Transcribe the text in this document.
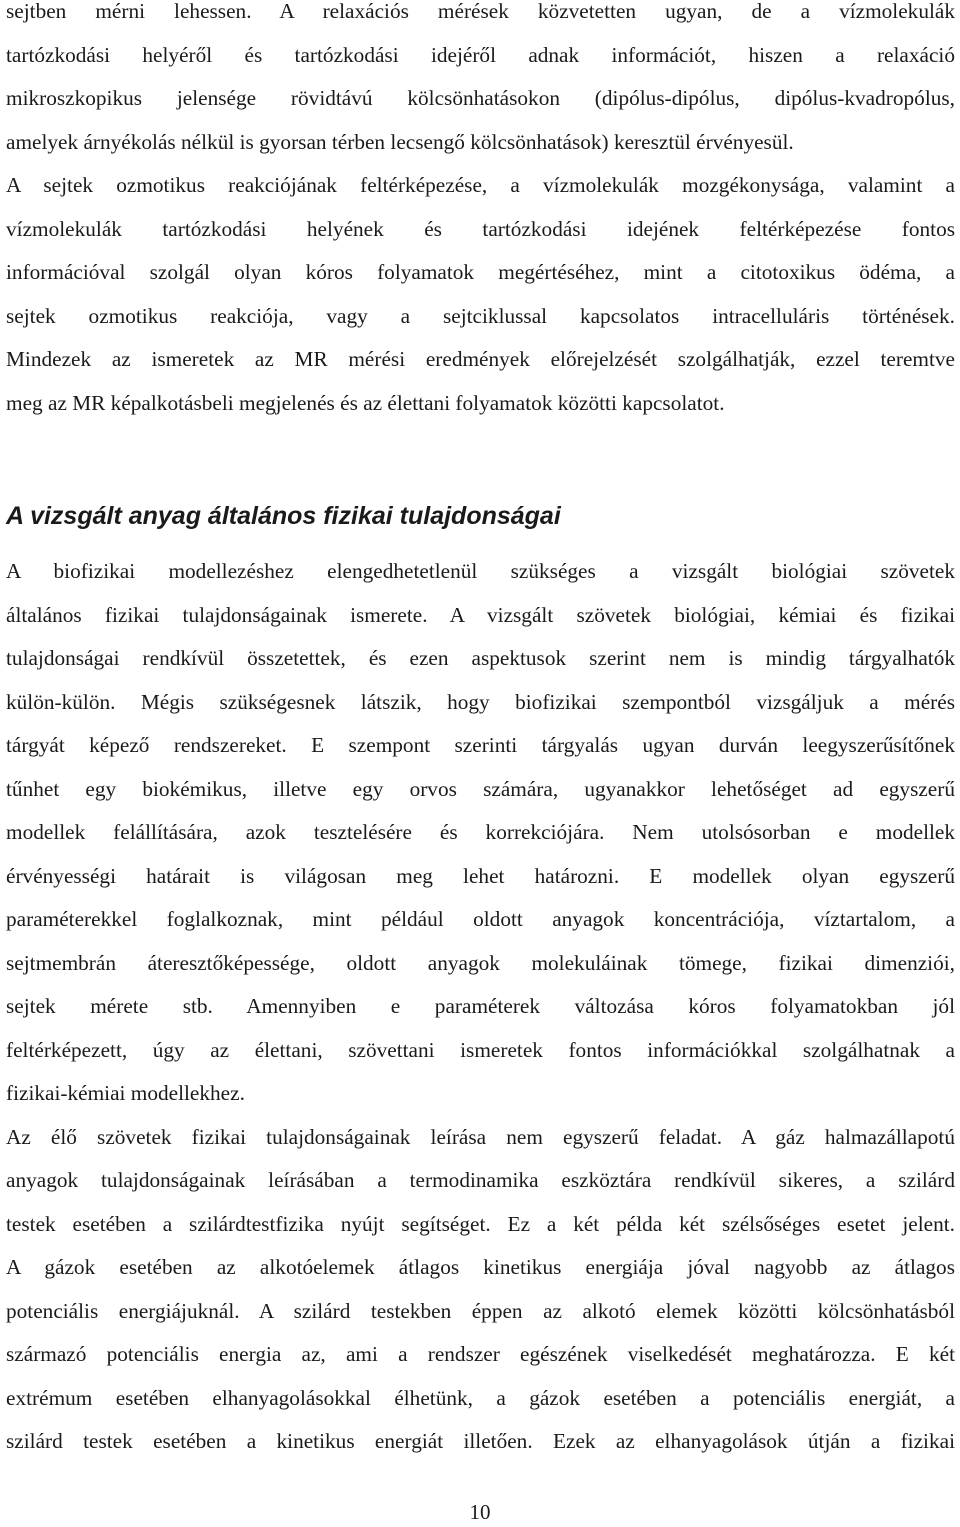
sejtben mérni lehessen. A relaxációs mérések közvetetten ugyan, de a vízmolekulák
tartózkodási helyéről és tartózkodási idejéről adnak információt, hiszen a relaxáció
mikroszkopikus jelensége rövidtávú kölcsönhatásokon (dipólus-dipólus, dipólus-kvadropólus,
amelyek árnyékolás nélkül is gyorsan térben lecsengő kölcsönhatások) keresztül érvényesül.
A sejtek ozmotikus reakciójának feltérképezése, a vízmolekulák mozgékonysága, valamint a
vízmolekulák tartózkodási helyének és tartózkodási idejének feltérképezése fontos
információval szolgál olyan kóros folyamatok megértéséhez, mint a citotoxikus ödéma, a
sejtek ozmotikus reakciója, vagy a sejtciklussal kapcsolatos intracelluláris történések.
Mindezek az ismeretek az MR mérési eredmények előrejelzését szolgálhatják, ezzel teremtve
meg az MR képalkotásbeli megjelenés és az élettani folyamatok közötti kapcsolatot.
A vizsgált anyag általános fizikai tulajdonságai
A biofizikai modellezéshez elengedhetetlenül szükséges a vizsgált biológiai szövetek
általános fizikai tulajdonságainak ismerete. A vizsgált szövetek biológiai, kémiai és fizikai
tulajdonságai rendkívül összetettek, és ezen aspektusok szerint nem is mindig tárgyalhatók
külön-külön. Mégis szükségesnek látszik, hogy biofizikai szempontból vizsgáljuk a mérés
tárgyát képező rendszereket. E szempont szerinti tárgyalás ugyan durván leegyszerűsítőnek
tűnhet egy biokémikus, illetve egy orvos számára, ugyanakkor lehetőséget ad egyszerű
modellek felállítására, azok tesztelésére és korrekciójára. Nem utolsósorban e modellek
érvényességi határait is világosan meg lehet határozni. E modellek olyan egyszerű
paraméterekkel foglalkoznak, mint például oldott anyagok koncentrációja, víztartalom, a
sejtmembrán áteresztőképessége, oldott anyagok molekuláinak tömege, fizikai dimenziói,
sejtek mérete stb. Amennyiben e paraméterek változása kóros folyamatokban jól
feltérképezett, úgy az élettani, szövettani ismeretek fontos információkkal szolgálhatnak a
fizikai-kémiai modellekhez.
Az élő szövetek fizikai tulajdonságainak leírása nem egyszerű feladat. A gáz halmazállapotú
anyagok tulajdonságainak leírásában a termodinamika eszköztára rendkívül sikeres, a szilárd
testek esetében a szilárdtestfizika nyújt segítséget. Ez a két példa két szélsőséges esetet jelent.
A gázok esetében az alkotóelemek átlagos kinetikus energiája jóval nagyobb az átlagos
potenciális energiájuknál. A szilárd testekben éppen az alkotó elemek közötti kölcsönhatásból
származó potenciális energia az, ami a rendszer egészének viselkedését meghatározza. E két
extrémum esetében elhanyagolásokkal élhetünk, a gázok esetében a potenciális energiát, a
szilárd testek esetében a kinetikus energiát illetően. Ezek az elhanyagolások útján a fizikai
10
